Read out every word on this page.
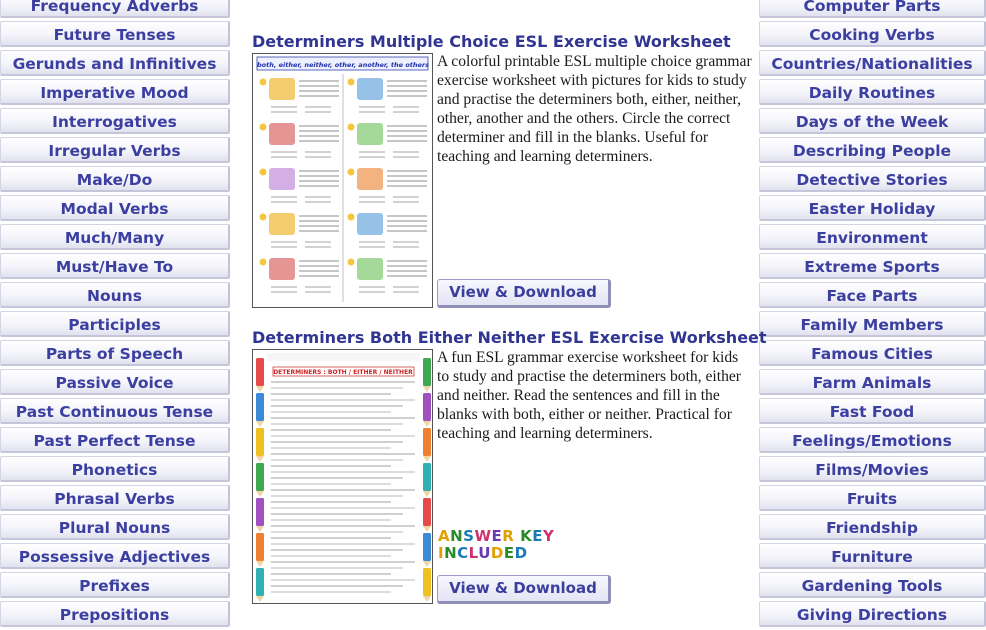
Frequency Adverbs
Future Tenses
Gerunds and Infinitives
Imperative Mood
Interrogatives
Irregular Verbs
Make/Do
Modal Verbs
Much/Many
Must/Have To
Nouns
Participles
Parts of Speech
Passive Voice
Past Continuous Tense
Past Perfect Tense
Phonetics
Phrasal Verbs
Plural Nouns
Possessive Adjectives
Prefixes
Prepositions
Computer Parts
Cooking Verbs
Countries/Nationalities
Daily Routines
Days of the Week
Describing People
Detective Stories
Easter Holiday
Environment
Extreme Sports
Face Parts
Family Members
Famous Cities
Farm Animals
Fast Food
Feelings/Emotions
Films/Movies
Fruits
Friendship
Furniture
Gardening Tools
Giving Directions
Determiners Multiple Choice ESL Exercise Worksheet
both, either, neither, other, another, the others A colorful printable ESL multiple choice grammar exercise worksheet with pictures for kids to study and practise the determiners both, either, neither, other, another and the others. Circle the correct determiner and fill in the blanks. Useful for teaching and learning determiners.
View & Download
Determiners Both Either Neither ESL Exercise Worksheet
DETERMINERS : BOTH / EITHER / NEITHER
A fun ESL grammar exercise worksheet for kids to study and practise the determiners both, either and neither. Read the sentences and fill in the blanks with both, either or neither. Practical for teaching and learning determiners.
ANSWER KEY
INCLUDED
View & Download
